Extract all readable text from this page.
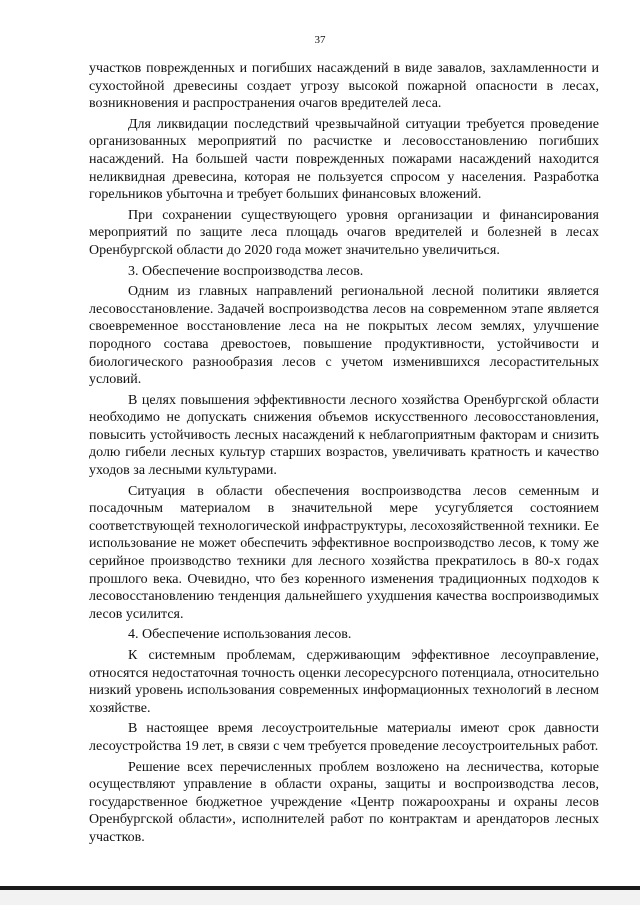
37

участков поврежденных и погибших насаждений в виде завалов, захламленности и сухостойной древесины создает угрозу высокой пожарной опасности в лесах, возникновения и распространения очагов вредителей леса.

Для ликвидации последствий чрезвычайной ситуации требуется проведение организованных мероприятий по расчистке и лесовосстановлению погибших насаждений. На большей части поврежденных пожарами насаждений находится неликвидная древесина, которая не пользуется спросом у населения. Разработка горельников убыточна и требует больших финансовых вложений.

При сохранении существующего уровня организации и финансирования мероприятий по защите леса площадь очагов вредителей и болезней в лесах Оренбургской области до 2020 года может значительно увеличиться.

3. Обеспечение воспроизводства лесов.

Одним из главных направлений региональной лесной политики является лесовосстановление. Задачей воспроизводства лесов на современном этапе является своевременное восстановление леса на не покрытых лесом землях, улучшение породного состава древостоев, повышение продуктивности, устойчивости и биологического разнообразия лесов с учетом изменившихся лесорастительных условий.

В целях повышения эффективности лесного хозяйства Оренбургской области необходимо не допускать снижения объемов искусственного лесовосстановления, повысить устойчивость лесных насаждений к неблагоприятным факторам и снизить долю гибели лесных культур старших возрастов, увеличивать кратность и качество уходов за лесными культурами.

Ситуация в области обеспечения воспроизводства лесов семенным и посадочным материалом в значительной мере усугубляется состоянием соответствующей технологической инфраструктуры, лесохозяйственной техники. Ее использование не может обеспечить эффективное воспроизводство лесов, к тому же серийное производство техники для лесного хозяйства прекратилось в 80-х годах прошлого века. Очевидно, что без коренного изменения традиционных подходов к лесовосстановлению тенденция дальнейшего ухудшения качества воспроизводимых лесов усилится.

4. Обеспечение использования лесов.

К системным проблемам, сдерживающим эффективное лесоуправление, относятся недостаточная точность оценки лесоресурсного потенциала, относительно низкий уровень использования современных информационных технологий в лесном хозяйстве.

В настоящее время лесоустроительные материалы имеют срок давности лесоустройства 19 лет, в связи с чем требуется проведение лесоустроительных работ.

Решение всех перечисленных проблем возложено на лесничества, которые осуществляют управление в области охраны, защиты и воспроизводства лесов, государственное бюджетное учреждение «Центр пожароохраны и охраны лесов Оренбургской области», исполнителей работ по контрактам и арендаторов лесных участков.
